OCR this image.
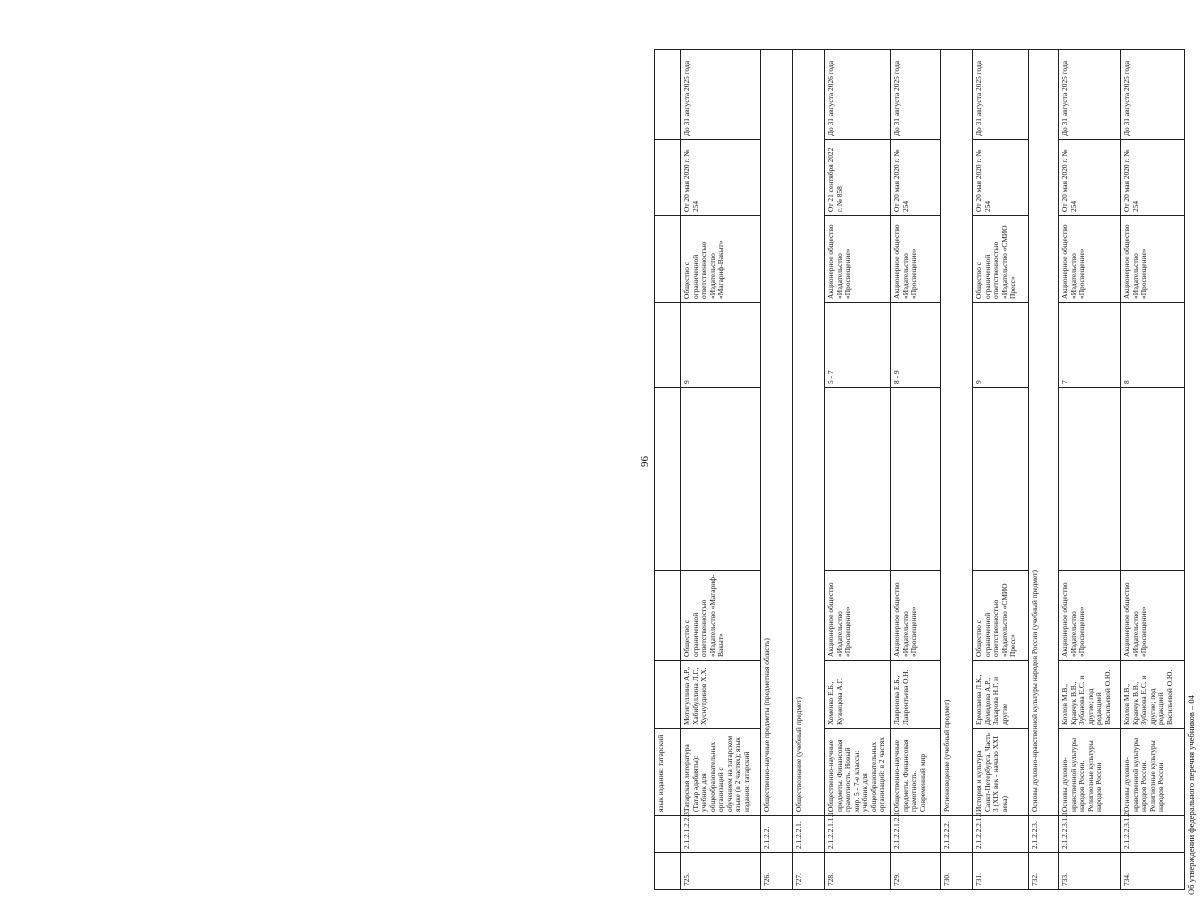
96
		язык издания: татарский							
725.	2.1.2.1.2.2.3.	Татарская литература (Татар әдәбияты): учебник для общеобразовательных организаций с обучением на татарском языке (в 2 частях); язык издания: татарский	Мотигуллина А.Р., Хабибуллина Л.Г., Хуснутдинов Х.Х.	Общество с ограниченной ответственностью «Издательство «Магариф-Вакыт»		9	Общество с ограниченной ответственностью «Издательство «Магариф-Вакыт»	От 20 мая 2020 г. № 254	До 31 августа 2025 года
726.	2.1.2.2.	Общественно-научные предметы (предметная область)							
727.	2.1.2.2.1.	Обществознание (учебный предмет)							
728.	2.1.2.2.1.1.1.	Общественно-научные предметы. Финансовая грамотность. Новый мир. 5 - 7-е классы: учебник для общеобразовательных организаций: в 2 частях	Хоменко Е.Б., Кузнецова А.Г.	Акционерное общество «Издательство «Просвещение»		5 - 7	Акционерное общество «Издательство «Просвещение»	От 21 сентября 2022 г. № 858	До 31 августа 2026 года
729.	2.1.2.2.1.2.1.	Общественно-научные предметы. Финансовая грамотность. Современный мир	Лавренова Е.Б., Лаврентьева О.Н.	Акционерное общество «Издательство «Просвещение»		8 - 9	Акционерное общество «Издательство «Просвещение»	От 20 мая 2020 г. № 254	До 31 августа 2025 года
730.	2.1.2.2.2.	Регионоведение (учебный предмет)							
731.	2.1.2.2.2.1.1.	История и культура Санкт-Петербурга. Часть 3 (XIX век - начало XXI века)	Ермолаева Л.К., Демидова А.Р., Захарова Н.Г. и другие	Общество с ограниченной ответственностью «Издательство «СМИО Пресс»		9	Общество с ограниченной ответственностью «Издательство «СМИО Пресс»	От 20 мая 2020 г. № 254	До 31 августа 2025 года
732.	2.1.2.2.3.	Основы духовно-нравственной культуры народов России (учебный предмет)							
733.	2.1.2.2.3.1.1.	Основы духовно-нравственной культуры народов России. Религиозные культуры народов России	Козлов М.В., Кравчук В.В., Зубанова Е.С. и другие; под редакцией Васильевой О.Ю.	Акционерное общество «Издательство «Просвещение»		7	Акционерное общество «Издательство «Просвещение»	От 20 мая 2020 г. № 254	До 31 августа 2025 года
734.	2.1.2.2.3.1.2.	Основы духовно-нравственной культуры народов России. Религиозные культуры народов России	Козлов М.В., Кравчук В.В., Зубанова Е.С. и другие; под редакцией Васильевой О.Ю.	Акционерное общество «Издательство «Просвещение»		8	Акционерное общество «Издательство «Просвещение»	От 20 мая 2020 г. № 254	До 31 августа 2025 года
Об утверждении федерального перечня учебников – 04
